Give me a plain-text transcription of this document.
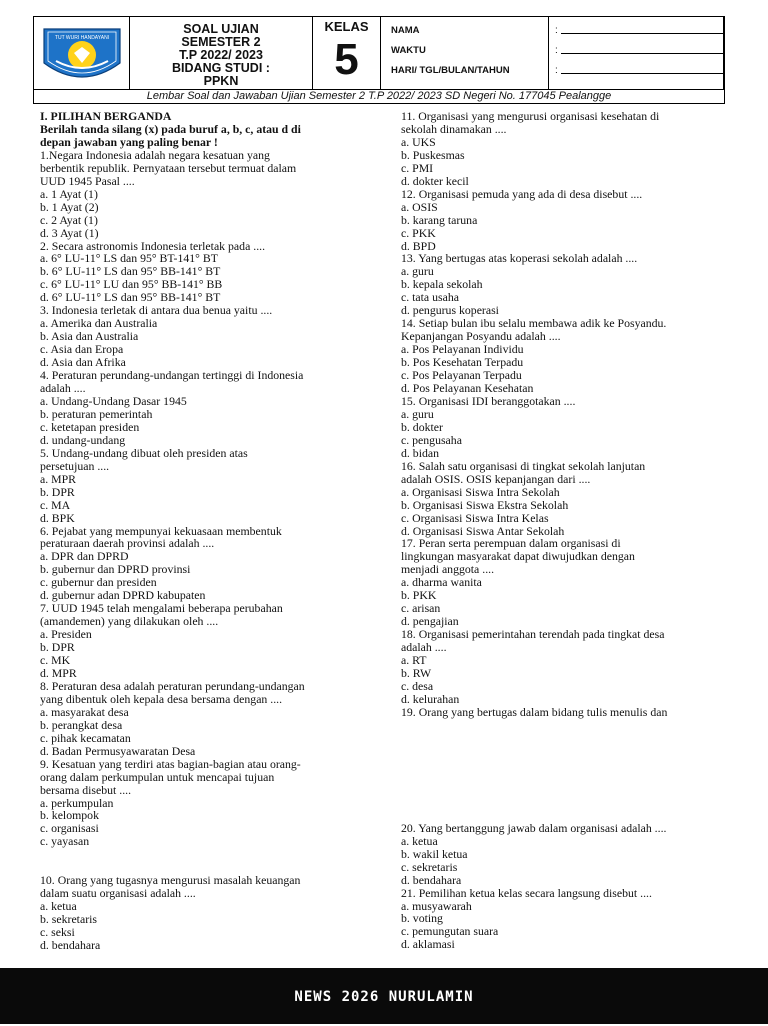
TUT WURI HANDAYANI
SOAL UJIAN
SEMESTER 2
T.P 2022/ 2023
BIDANG STUDI :
PPKN
KELAS
5
NAMA
WAKTU
HARI/ TGL/BULAN/TAHUN
:
:
:
Lembar Soal dan Jawaban Ujian Semester 2 T.P 2022/ 2023 SD Negeri No. 177045 Pealangge
I. PILIHAN BERGANDA
Berilah tanda silang (x) pada buruf a, b, c, atau d di
depan jawaban yang paling benar !
1.Negara Indonesia adalah negara kesatuan yang
berbentik republik. Pernyataan tersebut termuat dalam
UUD 1945 Pasal ....
a. 1 Ayat (1)
b. 1 Ayat (2)
c. 2 Ayat (1)
d. 3 Ayat (1)
2. Secara astronomis Indonesia terletak pada ....
a. 6° LU-11° LS dan 95° BT-141° BT
b. 6° LU-11° LS dan 95° BB-141° BT
c. 6° LU-11° LU dan 95° BB-141° BB
d. 6° LU-11° LS dan 95° BB-141° BT
3. Indonesia terletak di antara dua benua yaitu ....
a. Amerika dan Australia
b. Asia dan Australia
c. Asia dan Eropa
d. Asia dan Afrika
4. Peraturan perundang-undangan tertinggi di Indonesia
adalah ....
a. Undang-Undang Dasar 1945
b. peraturan pemerintah
c. ketetapan presiden
d. undang-undang
5. Undang-undang dibuat oleh presiden atas
persetujuan ....
a. MPR
b. DPR
c. MA
d. BPK
6. Pejabat yang mempunyai kekuasaan membentuk
peraturaan daerah provinsi adalah ....
a. DPR dan DPRD
b. gubernur dan DPRD provinsi
c. gubernur dan presiden
d. gubernur adan DPRD kabupaten
7. UUD 1945 telah mengalami beberapa perubahan
(amandemen) yang dilakukan oleh ....
a. Presiden
b. DPR
c. MK
d. MPR
8. Peraturan desa adalah peraturan perundang-undangan
yang dibentuk oleh kepala desa bersama dengan ....
a. masyarakat desa
b. perangkat desa
c. pihak kecamatan
d. Badan Permusyawaratan Desa
9. Kesatuan yang terdiri atas bagian-bagian atau orang-
orang dalam perkumpulan untuk mencapai tujuan
bersama disebut ....
a. perkumpulan
b. kelompok
c. organisasi
c. yayasan
10. Orang yang tugasnya mengurusi masalah keuangan
dalam suatu organisasi adalah ....
a. ketua
b. sekretaris
c. seksi
d. bendahara
11. Organisasi yang mengurusi organisasi kesehatan di
sekolah dinamakan ....
a. UKS
b. Puskesmas
c. PMI
d. dokter kecil
12. Organisasi pemuda yang ada di desa disebut ....
a. OSIS
b. karang taruna
c. PKK
d. BPD
13. Yang bertugas atas koperasi sekolah adalah ....
a. guru
b. kepala sekolah
c. tata usaha
d. pengurus koperasi
14. Setiap bulan ibu selalu membawa adik ke Posyandu.
Kepanjangan Posyandu adalah ....
a. Pos Pelayanan Individu
b. Pos Kesehatan Terpadu
c. Pos Pelayanan Terpadu
d. Pos Pelayanan Kesehatan
15. Organisasi IDI beranggotakan ....
a. guru
b. dokter
c. pengusaha
d. bidan
16. Salah satu organisasi di tingkat sekolah lanjutan
adalah OSIS. OSIS kepanjangan dari ....
a. Organisasi Siswa Intra Sekolah
b. Organisasi Siswa Ekstra Sekolah
c. Organisasi Siswa Intra Kelas
d. Organisasi Siswa Antar Sekolah
17. Peran serta perempuan dalam organisasi di
lingkungan masyarakat dapat diwujudkan dengan
menjadi anggota ....
a. dharma wanita
b. PKK
c. arisan
d. pengajian
18. Organisasi pemerintahan terendah pada tingkat desa
adalah ....
a. RT
b. RW
c. desa
d. kelurahan
19. Orang yang bertugas dalam bidang tulis menulis dan
20. Yang bertanggung jawab dalam organisasi adalah ....
a. ketua
b. wakil ketua
c. sekretaris
d. bendahara
21. Pemilihan ketua kelas secara langsung disebut ....
a. musyawarah
b. voting
c. pemungutan suara
d. aklamasi
NEWS 2026 NURULAMIN
